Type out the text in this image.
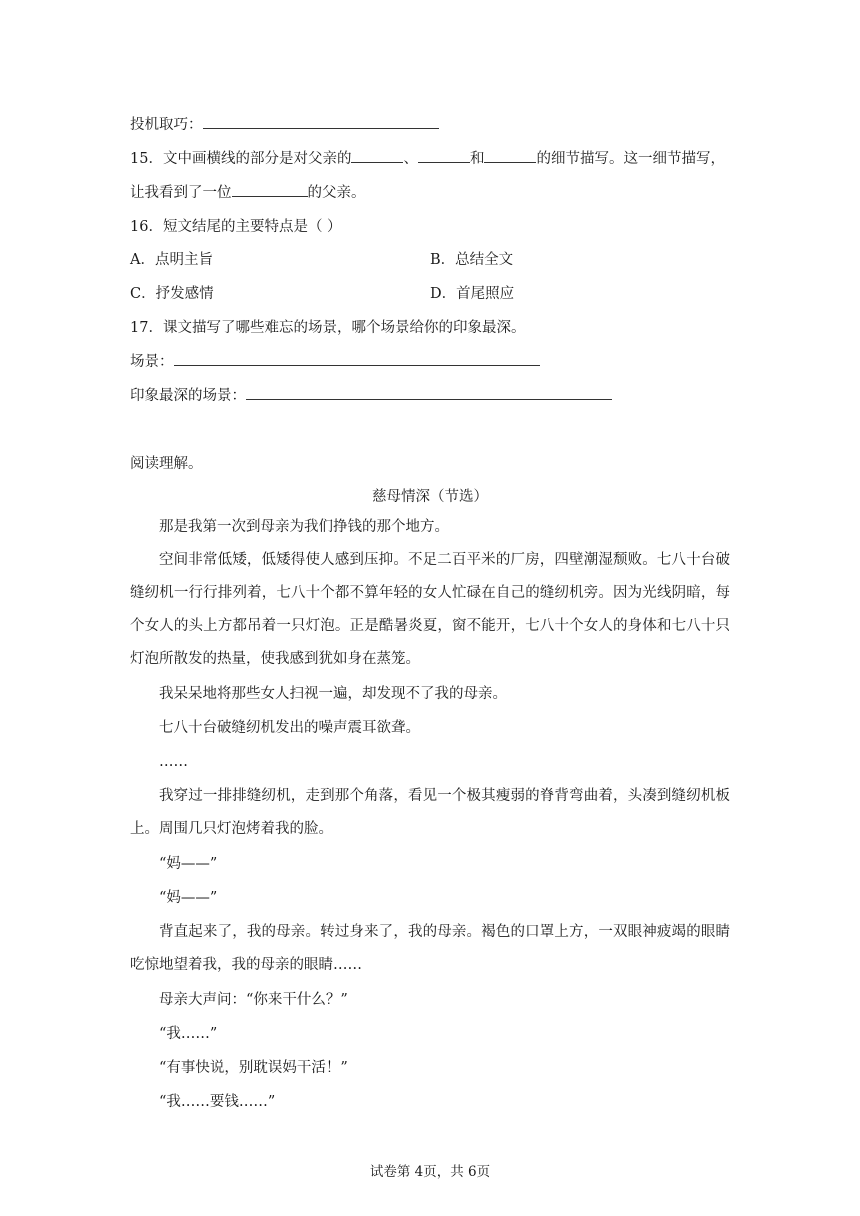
投机取巧：
15．文中画横线的部分是对父亲的	、	和	的细节描写。这一细节描写，
让我看到了一位	的父亲。
16．短文结尾的主要特点是（ ）
A．点明主旨	B．总结全文
C．抒发感情	D．首尾照应
17．课文描写了哪些难忘的场景，哪个场景给你的印象最深。
场景：
印象最深的场景：
阅读理解。
慈母情深（节选）
那是我第一次到母亲为我们挣钱的那个地方。
空间非常低矮，低矮得使人感到压抑。不足二百平米的厂房，四壁潮湿颓败。七八十台破缝纫机一行行排列着，七八十个都不算年轻的女人忙碌在自己的缝纫机旁。因为光线阴暗，每个女人的头上方都吊着一只灯泡。正是酷暑炎夏，窗不能开，七八十个女人的身体和七八十只灯泡所散发的热量，使我感到犹如身在蒸笼。
我呆呆地将那些女人扫视一遍，却发现不了我的母亲。
七八十台破缝纫机发出的噪声震耳欲聋。
……
我穿过一排排缝纫机，走到那个角落，看见一个极其瘦弱的脊背弯曲着，头凑到缝纫机板上。周围几只灯泡烤着我的脸。
“妈——”
“妈——”
背直起来了，我的母亲。转过身来了，我的母亲。褐色的口罩上方，一双眼神疲竭的眼睛吃惊地望着我，我的母亲的眼睛……
母亲大声问：“你来干什么？”
“我……”
“有事快说，别耽误妈干活！”
“我……要钱……”
试卷第 4页，共 6页
